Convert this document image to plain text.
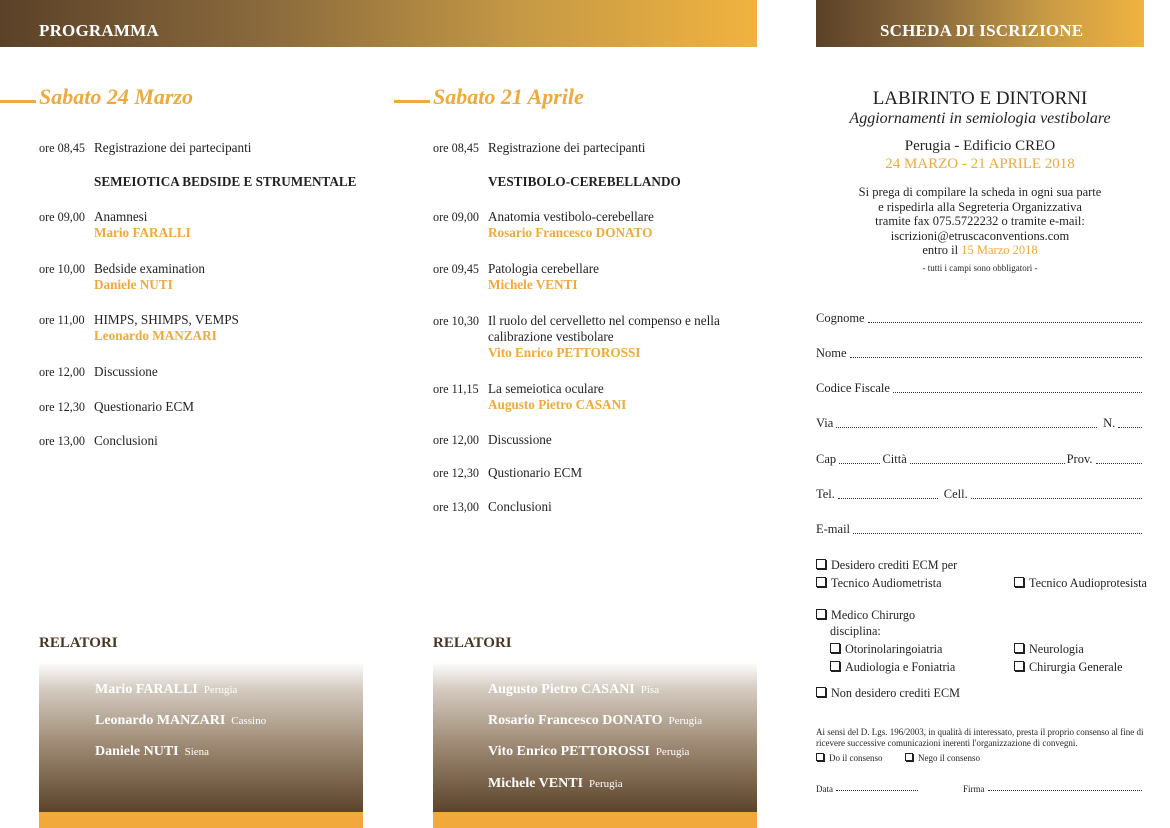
PROGRAMMA	SCHEDA DI ISCRIZIONE
Sabato 24 Marzo
ore 08,45 Registrazione dei partecipanti
SEMEIOTICA BEDSIDE E STRUMENTALE
ore 09,00 Anamnesi
Mario FARALLI
ore 10,00 Bedside examination
Daniele NUTI
ore 11,00 HIMPS, SHIMPS, VEMPS
Leonardo MANZARI
ore 12,00 Discussione
ore 12,30 Questionario ECM
ore 13,00 Conclusioni
Sabato 21 Aprile
ore 08,45 Registrazione dei partecipanti
VESTIBOLO-CEREBELLANDO
ore 09,00 Anatomia vestibolo-cerebellare
Rosario Francesco DONATO
ore 09,45 Patologia cerebellare
Michele VENTI
ore 10,30 Il ruolo del cervelletto nel compenso e nella
calibrazione vestibolare
Vito Enrico PETTOROSSI
ore 11,15 La semeiotica oculare
Augusto Pietro CASANI
ore 12,00 Discussione
ore 12,30 Qustionario ECM
ore 13,00 Conclusioni
RELATORI
Mario FARALLI Perugia
Leonardo MANZARI Cassino
Daniele NUTI Siena
RELATORI
Augusto Pietro CASANI Pisa
Rosario Francesco DONATO Perugia
Vito Enrico PETTOROSSI Perugia
Michele VENTI Perugia
LABIRINTO E DINTORNI
Aggiornamenti in semiologia vestibolare
Perugia - Edificio CREO
24 MARZO - 21 APRILE 2018
Si prega di compilare la scheda in ogni sua parte
e rispedirla alla Segreteria Organizzativa
tramite fax 075.5722232 o tramite e-mail:
iscrizioni@etruscaconventions.com
entro il 15 Marzo 2018
- tutti i campi sono obbligatori -
Cognome
Nome
Codice Fiscale
Via	N.
Cap	Città	Prov.
Tel.	Cell.
E-mail
Desidero crediti ECM per
Tecnico Audiometrista	Tecnico Audioprotesista
Medico Chirurgo
disciplina:
Otorinolaringoiatria	Neurologia
Audiologia e Foniatria	Chirurgia Generale
Non desidero crediti ECM
Ai sensi del D. Lgs. 196/2003, in qualità di interessato, presta il proprio consenso al fine di ricevere successive comunicazioni inerenti l'organizzazione di convegni.
Do il consenso	Nego il consenso
Data	Firma
